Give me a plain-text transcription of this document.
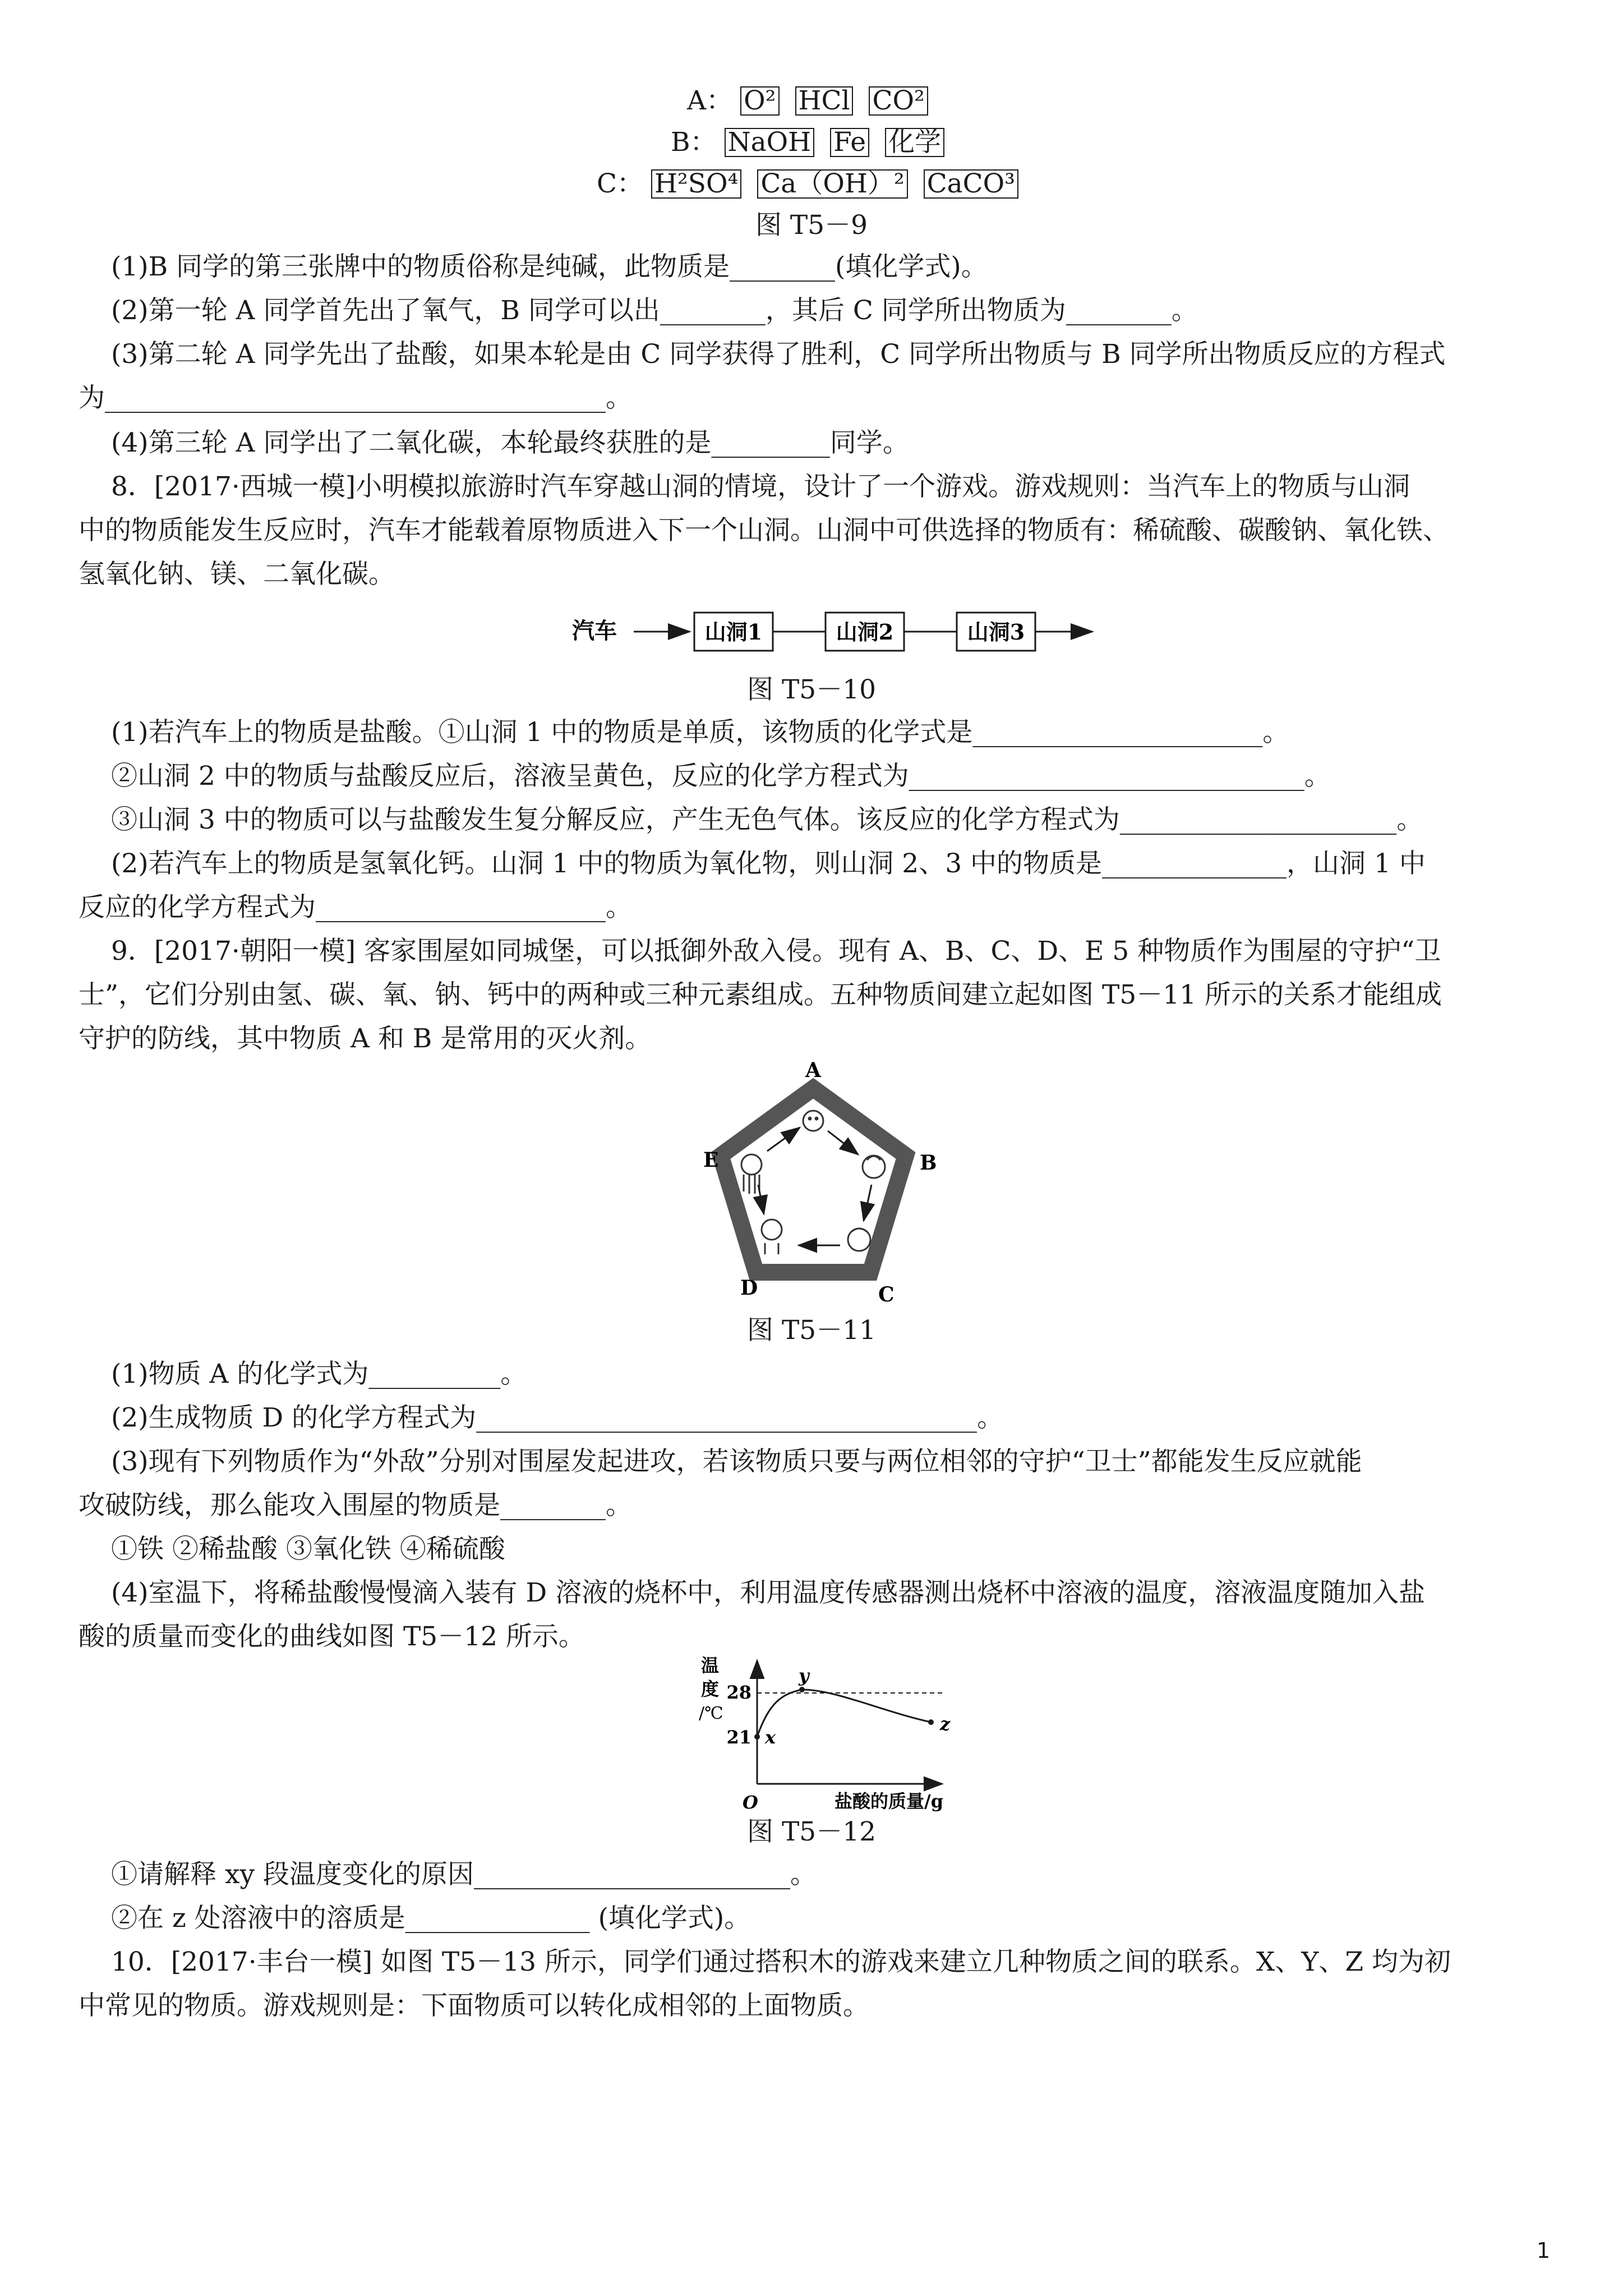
A： O² HCl CO²
B： NaOH Fe 化学
C： H²SO⁴ Ca（OH）² CaCO³
图 T5－9
(1)B 同学的第三张牌中的物质俗称是纯碱，此物质是________(填化学式)。
(2)第一轮 A 同学首先出了氧气，B 同学可以出________，其后 C 同学所出物质为________。
(3)第二轮 A 同学先出了盐酸，如果本轮是由 C 同学获得了胜利，C 同学所出物质与 B 同学所出物质反应的方程式
为______________________________________。
(4)第三轮 A 同学出了二氧化碳，本轮最终获胜的是_________同学。
8．[2017·西城一模]小明模拟旅游时汽车穿越山洞的情境，设计了一个游戏。游戏规则：当汽车上的物质与山洞
中的物质能发生反应时，汽车才能载着原物质进入下一个山洞。山洞中可供选择的物质有：稀硫酸、碳酸钠、氧化铁、
氢氧化钠、镁、二氧化碳。
汽车	山洞1	山洞2	山洞3
图 T5－10
(1)若汽车上的物质是盐酸。①山洞 1 中的物质是单质，该物质的化学式是______________________。
②山洞 2 中的物质与盐酸反应后，溶液呈黄色，反应的化学方程式为______________________________。
③山洞 3 中的物质可以与盐酸发生复分解反应，产生无色气体。该反应的化学方程式为_____________________。
(2)若汽车上的物质是氢氧化钙。山洞 1 中的物质为氧化物，则山洞 2、3 中的物质是______________，山洞 1 中
反应的化学方程式为______________________。
9．[2017·朝阳一模] 客家围屋如同城堡，可以抵御外敌入侵。现有 A、B、C、D、E 5 种物质作为围屋的守护“卫
士”，它们分别由氢、碳、氧、钠、钙中的两种或三种元素组成。五种物质间建立起如图 T5－11 所示的关系才能组成
守护的防线，其中物质 A 和 B 是常用的灭火剂。
A
B
C
D
E
图 T5－11
(1)物质 A 的化学式为__________。
(2)生成物质 D 的化学方程式为______________________________________。
(3)现有下列物质作为“外敌”分别对围屋发起进攻，若该物质只要与两位相邻的守护“卫士”都能发生反应就能
攻破防线，那么能攻入围屋的物质是________。
①铁 ②稀盐酸 ③氧化铁 ④稀硫酸
(4)室温下，将稀盐酸慢慢滴入装有 D 溶液的烧杯中，利用温度传感器测出烧杯中溶液的温度，溶液温度随加入盐
酸的质量而变化的曲线如图 T5－12 所示。
温
度
/℃
28
21
O
x
y
z
盐酸的质量/g
图 T5－12
①请解释 xy 段温度变化的原因________________________。
②在 z 处溶液中的溶质是______________ (填化学式)。
10．[2017·丰台一模] 如图 T5－13 所示，同学们通过搭积木的游戏来建立几种物质之间的联系。X、Y、Z 均为初
中常见的物质。游戏规则是：下面物质可以转化成相邻的上面物质。
1
